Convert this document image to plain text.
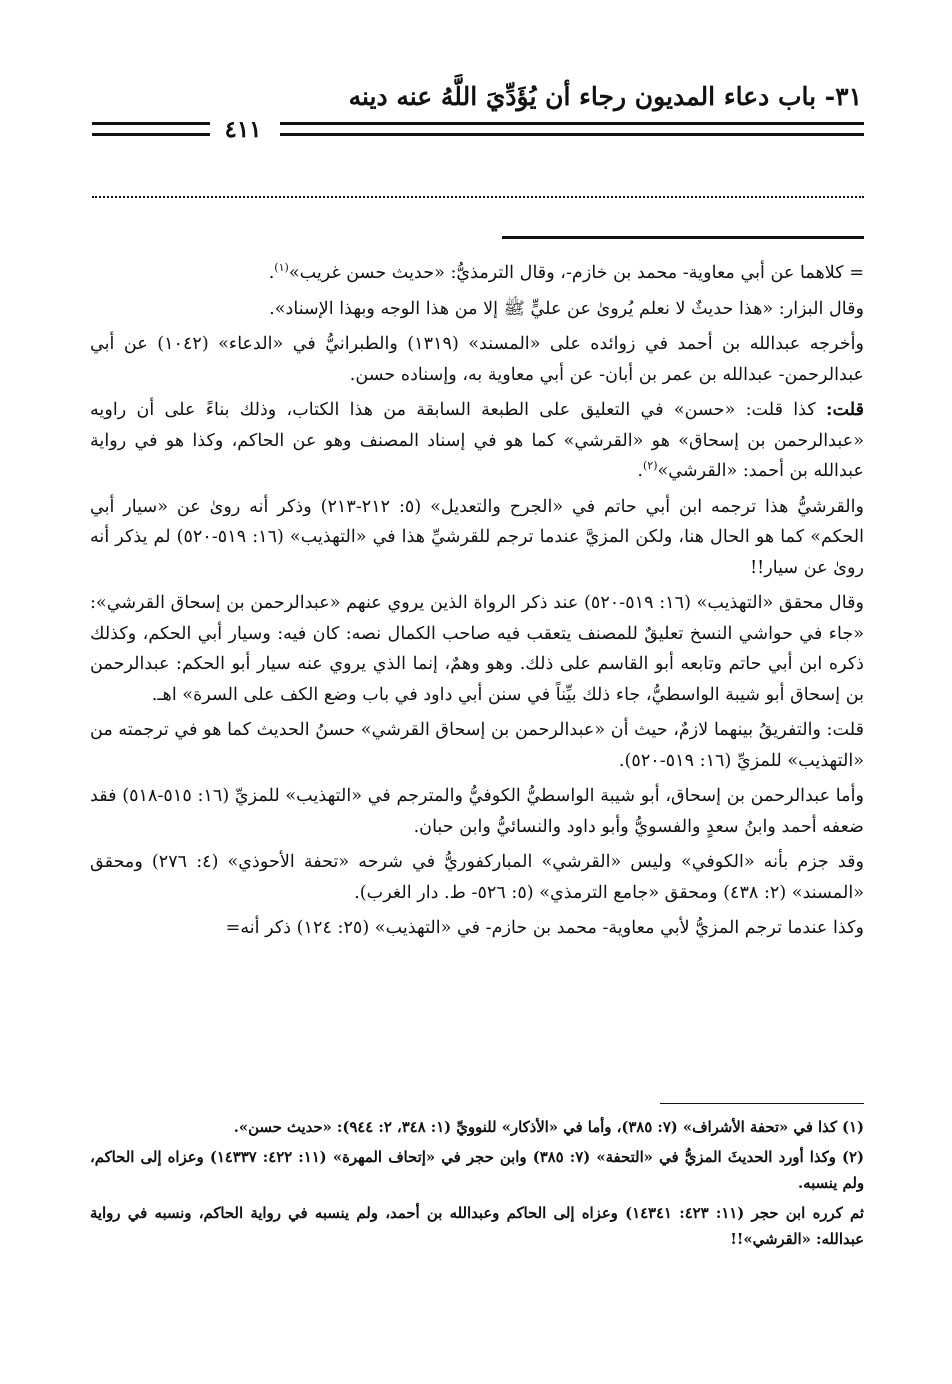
٣١- باب دعاء المديون رجاء أن يُؤَدِّيَ اللَّهُ عنه دينه
٤١١

= كلاهما عن أبي معاوية- محمد بن خازم-، وقال الترمذيُّ: «حديث حسن غريب»$^{(١)}$.

وقال البزار: «هذا حديثٌ لا نعلم يُروىٰ عن عليٍّ ﷺ إلا من هذا الوجه وبهذا الإسناد».

وأخرجه عبدالله بن أحمد في زوائده على «المسند» (١٣١٩) والطبرانيُّ في «الدعاء» (١٠٤٢) عن أبي عبدالرحمن- عبدالله بن عمر بن أبان- عن أبي معاوية به، وإسناده حسن.

قلت: كذا قلت: «حسن» في التعليق على الطبعة السابقة من هذا الكتاب، وذلك بناءً على أن راويه «عبدالرحمن بن إسحاق» هو «القرشي» كما هو في إسناد المصنف وهو عن الحاكم، وكذا هو في رواية عبدالله بن أحمد: «القرشي»$^{(٢)}$.

والقرشيُّ هذا ترجمه ابن أبي حاتم في «الجرح والتعديل» (٥: ٢١٢-٢١٣) وذكر أنه روىٰ عن «سيار أبي الحكم» كما هو الحال هنا، ولكن المزيَّ عندما ترجم للقرشيِّ هذا في «التهذيب» (١٦: ٥١٩-٥٢٠) لم يذكر أنه روىٰ عن سيار!!

وقال محقق «التهذيب» (١٦: ٥١٩-٥٢٠) عند ذكر الرواة الذين يروي عنهم «عبدالرحمن بن إسحاق القرشي»: «جاء في حواشي النسخ تعليقٌ للمصنف يتعقب فيه صاحب الكمال نصه: كان فيه: وسيار أبي الحكم، وكذلك ذكره ابن أبي حاتم وتابعه أبو القاسم على ذلك. وهو وهمٌ، إنما الذي يروي عنه سيار أبو الحكم: عبدالرحمن بن إسحاق أبو شيبة الواسطيُّ، جاء ذلك بيِّناً في سنن أبي داود في باب وضع الكف على السرة» اهـ.

قلت: والتفريقُ بينهما لازمٌ، حيث أن «عبدالرحمن بن إسحاق القرشي» حسنُ الحديث كما هو في ترجمته من «التهذيب» للمزيِّ (١٦: ٥١٩-٥٢٠).

وأما عبدالرحمن بن إسحاق، أبو شيبة الواسطيُّ الكوفيُّ والمترجم في «التهذيب» للمزيِّ (١٦: ٥١٥-٥١٨) فقد ضعفه أحمد وابنُ سعدٍ والفسويُّ وأبو داود والنسائيُّ وابن حبان.

وقد جزم بأنه «الكوفي» وليس «القرشي» المباركفوريُّ في شرحه «تحفة الأحوذي» (٤: ٢٧٦) ومحقق «المسند» (٢: ٤٣٨) ومحقق «جامع الترمذي» (٥: ٥٢٦- ط. دار الغرب).

وكذا عندما ترجم المزيُّ لأبي معاوية- محمد بن حازم- في «التهذيب» (٢٥: ١٢٤) ذكر أنه=

(١) كذا في «تحفة الأشراف» (٧: ٣٨٥)، وأما في «الأذكار» للنوويِّ (١: ٣٤٨، ٢: ٩٤٤): «حديث حسن».

(٢) وكذا أورد الحديثَ المزيُّ في «التحفة» (٧: ٣٨٥) وابن حجر في «إتحاف المهرة» (١١: ٤٢٢: ١٤٣٣٧) وعزاه إلى الحاكم، ولم ينسبه.

ثم كرره ابن حجر (١١: ٤٢٣: ١٤٣٤١) وعزاه إلى الحاكم وعبدالله بن أحمد، ولم ينسبه في رواية الحاكم، ونسبه في رواية عبدالله: «القرشي»!!
